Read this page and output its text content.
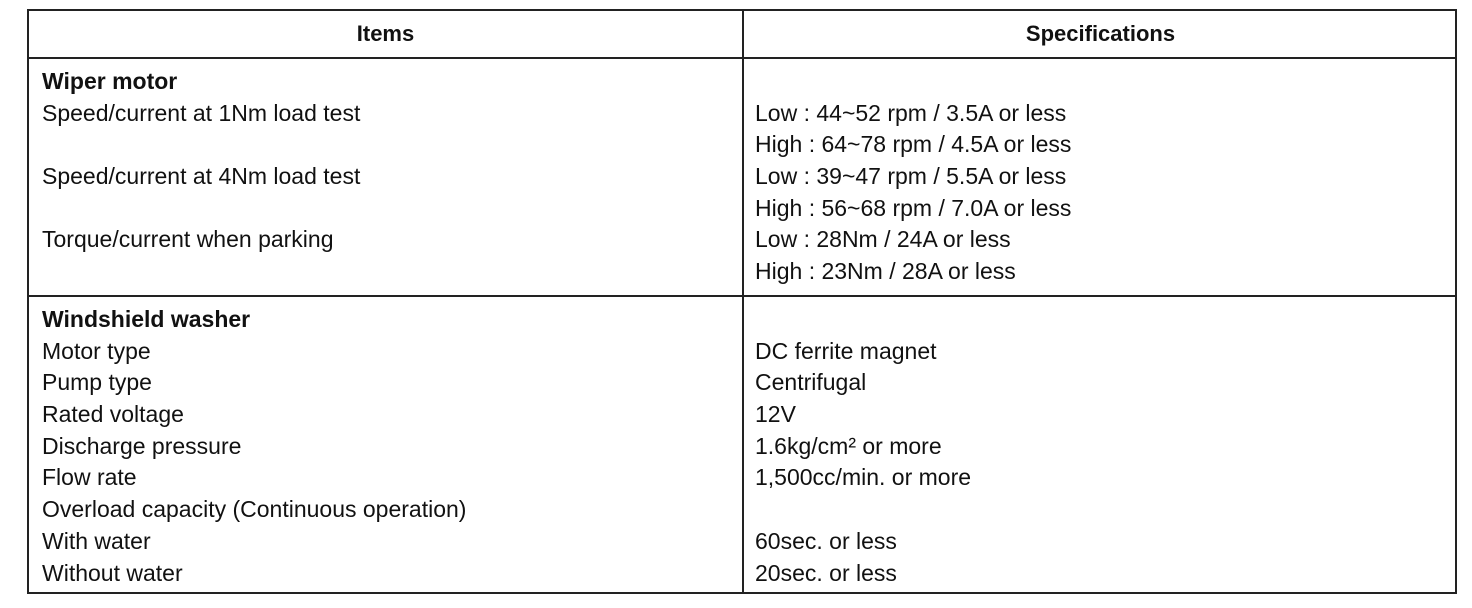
Items	Specifications
Wiper motor
Speed/current at 1Nm load test
Speed/current at 4Nm load test
Torque/current when parking
Low : 44~52 rpm / 3.5A or less
High : 64~78 rpm / 4.5A or less
Low : 39~47 rpm / 5.5A or less
High : 56~68 rpm / 7.0A or less
Low : 28Nm / 24A or less
High : 23Nm / 28A or less
Windshield washer
Motor type
Pump type
Rated voltage
Discharge pressure
Flow rate
Overload capacity (Continuous operation)
With water
Without water
DC ferrite magnet
Centrifugal
12V
1.6kg/cm² or more
1,500cc/min. or more
60sec. or less
20sec. or less
